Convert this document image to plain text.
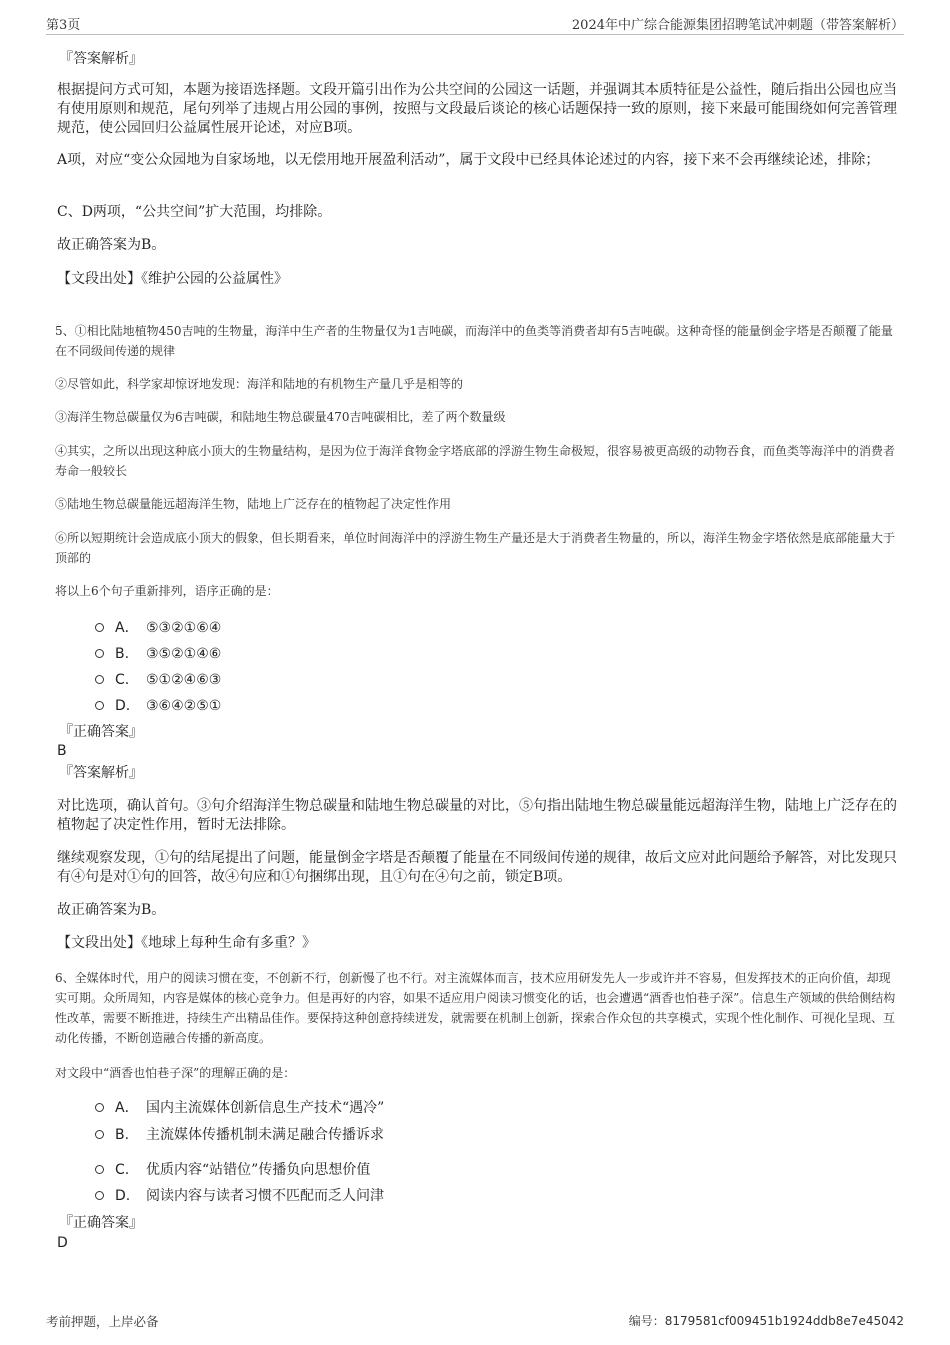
第3页	2024年中广综合能源集团招聘笔试冲刺题（带答案解析）
『答案解析』

根据提问方式可知，本题为接语选择题。文段开篇引出作为公共空间的公园这一话题，并强调其本质特征是公益性，随后指出公园也应当有使用原则和规范，尾句列举了违规占用公园的事例，按照与文段最后谈论的核心话题保持一致的原则，接下来最可能围绕如何完善管理规范，使公园回归公益属性展开论述，对应B项。

A项，对应“变公众园地为自家场地，以无偿用地开展盈利活动”，属于文段中已经具体论述过的内容，接下来不会再继续论述，排除；

C、D两项，“公共空间”扩大范围，均排除。

故正确答案为B。

【文段出处】《维护公园的公益属性》

5、①相比陆地植物450吉吨的生物量，海洋中生产者的生物量仅为1吉吨碳，而海洋中的鱼类等消费者却有5吉吨碳。这种奇怪的能量倒金字塔是否颠覆了能量在不同级间传递的规律

②尽管如此，科学家却惊讶地发现：海洋和陆地的有机物生产量几乎是相等的

③海洋生物总碳量仅为6吉吨碳，和陆地生物总碳量470吉吨碳相比，差了两个数量级

④其实，之所以出现这种底小顶大的生物量结构，是因为位于海洋食物金字塔底部的浮游生物生命极短，很容易被更高级的动物吞食，而鱼类等海洋中的消费者寿命一般较长

⑤陆地生物总碳量能远超海洋生物，陆地上广泛存在的植物起了决定性作用

⑥所以短期统计会造成底小顶大的假象，但长期看来，单位时间海洋中的浮游生物生产量还是大于消费者生物量的，所以，海洋生物金字塔依然是底部能量大于顶部的

将以上6个句子重新排列，语序正确的是：

A． ⑤③②①⑥④
B. ③⑤②①④⑥
C. ⑤①②④⑥③
D. ③⑥④②⑤①
『正确答案』
B
『答案解析』

对比选项，确认首句。③句介绍海洋生物总碳量和陆地生物总碳量的对比，⑤句指出陆地生物总碳量能远超海洋生物，陆地上广泛存在的植物起了决定性作用，暂时无法排除。

继续观察发现，①句的结尾提出了问题，能量倒金字塔是否颠覆了能量在不同级间传递的规律，故后文应对此问题给予解答，对比发现只有④句是对①句的回答，故④句应和①句捆绑出现，且①句在④句之前，锁定B项。

故正确答案为B。

【文段出处】《地球上每种生命有多重？》

6、全媒体时代，用户的阅读习惯在变，不创新不行，创新慢了也不行。对主流媒体而言，技术应用研发先人一步或许并不容易，但发挥技术的正向价值，却现实可期。众所周知，内容是媒体的核心竞争力。但是再好的内容，如果不适应用户阅读习惯变化的话，也会遭遇“酒香也怕巷子深”。信息生产领域的供给侧结构性改革，需要不断推进，持续生产出精品佳作。要保持这种创意持续迸发，就需要在机制上创新，探索合作众包的共享模式，实现个性化制作、可视化呈现、互动化传播，不断创造融合传播的新高度。

对文段中“酒香也怕巷子深”的理解正确的是：

A． 国内主流媒体创新信息生产技术“遇冷”
B. 主流媒体传播机制未满足融合传播诉求
C. 优质内容“站错位”传播负向思想价值
D. 阅读内容与读者习惯不匹配而乏人问津
『正确答案』
D
考前押题，上岸必备	编号：8179581cf009451b1924ddb8e7e45042
